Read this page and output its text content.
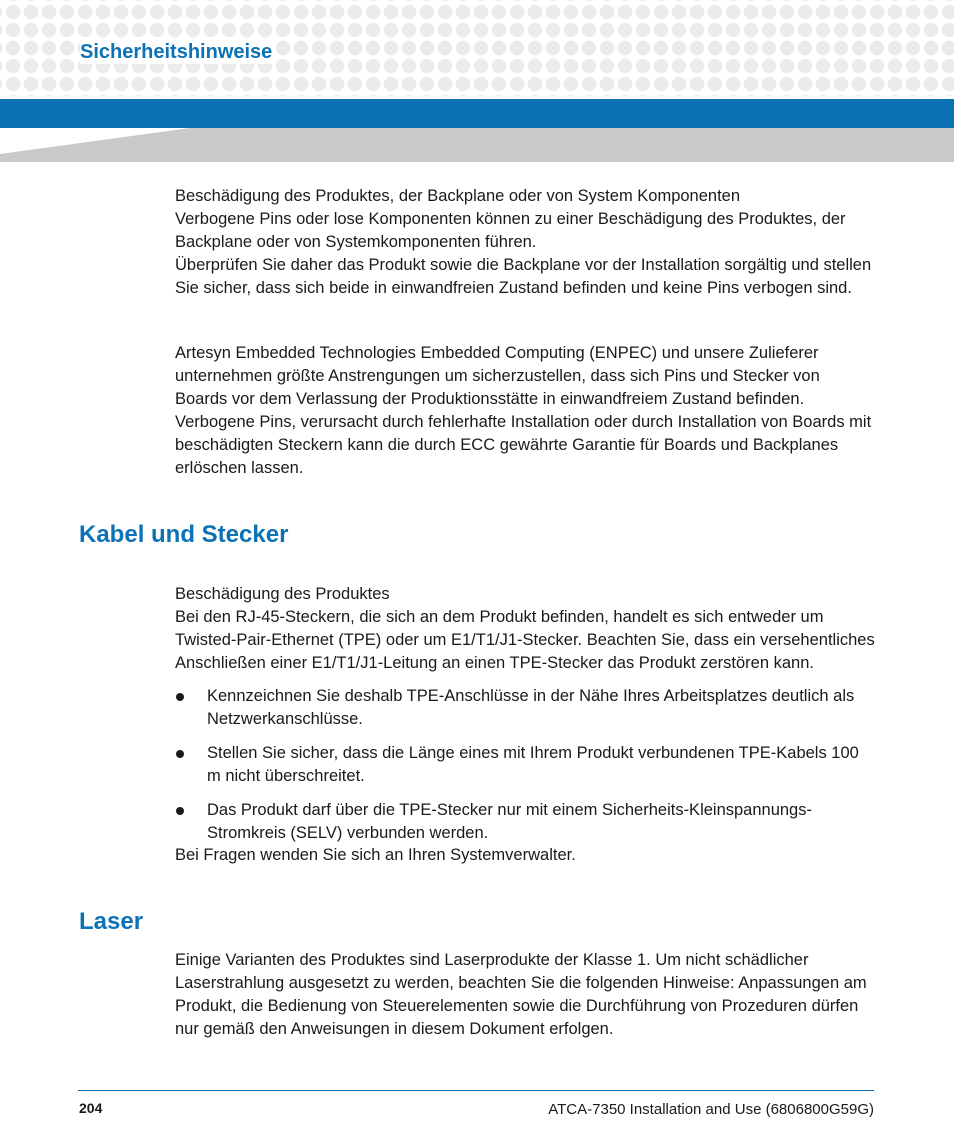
Sicherheitshinweise

Beschädigung des Produktes, der Backplane oder von System Komponenten

Verbogene Pins oder lose Komponenten können zu einer Beschädigung des Produktes, der Backplane oder von Systemkomponenten führen.

Überprüfen Sie daher das Produkt sowie die Backplane vor der Installation sorgältig und stellen Sie sicher, dass sich beide in einwandfreien Zustand befinden und keine Pins verbogen sind.

Artesyn Embedded Technologies Embedded Computing (ENPEC) und unsere Zulieferer unternehmen größte Anstrengungen um sicherzustellen, dass sich Pins und Stecker von Boards vor dem Verlassung der Produktionsstätte in einwandfreiem Zustand befinden. Verbogene Pins, verursacht durch fehlerhafte Installation oder durch Installation von Boards mit beschädigten Steckern kann die durch ECC gewährte Garantie für Boards und Backplanes erlöschen lassen.

Kabel und Stecker

Beschädigung des Produktes

Bei den RJ-45-Steckern, die sich an dem Produkt befinden, handelt es sich entweder um Twisted-Pair-Ethernet (TPE) oder um E1/T1/J1-Stecker. Beachten Sie, dass ein versehentliches Anschließen einer E1/T1/J1-Leitung an einen TPE-Stecker das Produkt zerstören kann.

Kennzeichnen Sie deshalb TPE-Anschlüsse in der Nähe Ihres Arbeitsplatzes deutlich als Netzwerkanschlüsse.
Stellen Sie sicher, dass die Länge eines mit Ihrem Produkt verbundenen TPE-Kabels 100 m nicht überschreitet.
Das Produkt darf über die TPE-Stecker nur mit einem Sicherheits-Kleinspannungs-Stromkreis (SELV) verbunden werden.

Bei Fragen wenden Sie sich an Ihren Systemverwalter.

Laser

Einige Varianten des Produktes sind Laserprodukte der Klasse 1. Um nicht schädlicher Laserstrahlung ausgesetzt zu werden, beachten Sie die folgenden Hinweise: Anpassungen am Produkt, die Bedienung von Steuerelementen sowie die Durchführung von Prozeduren dürfen nur gemäß den Anweisungen in diesem Dokument erfolgen.

204	ATCA-7350 Installation and Use (6806800G59G)
